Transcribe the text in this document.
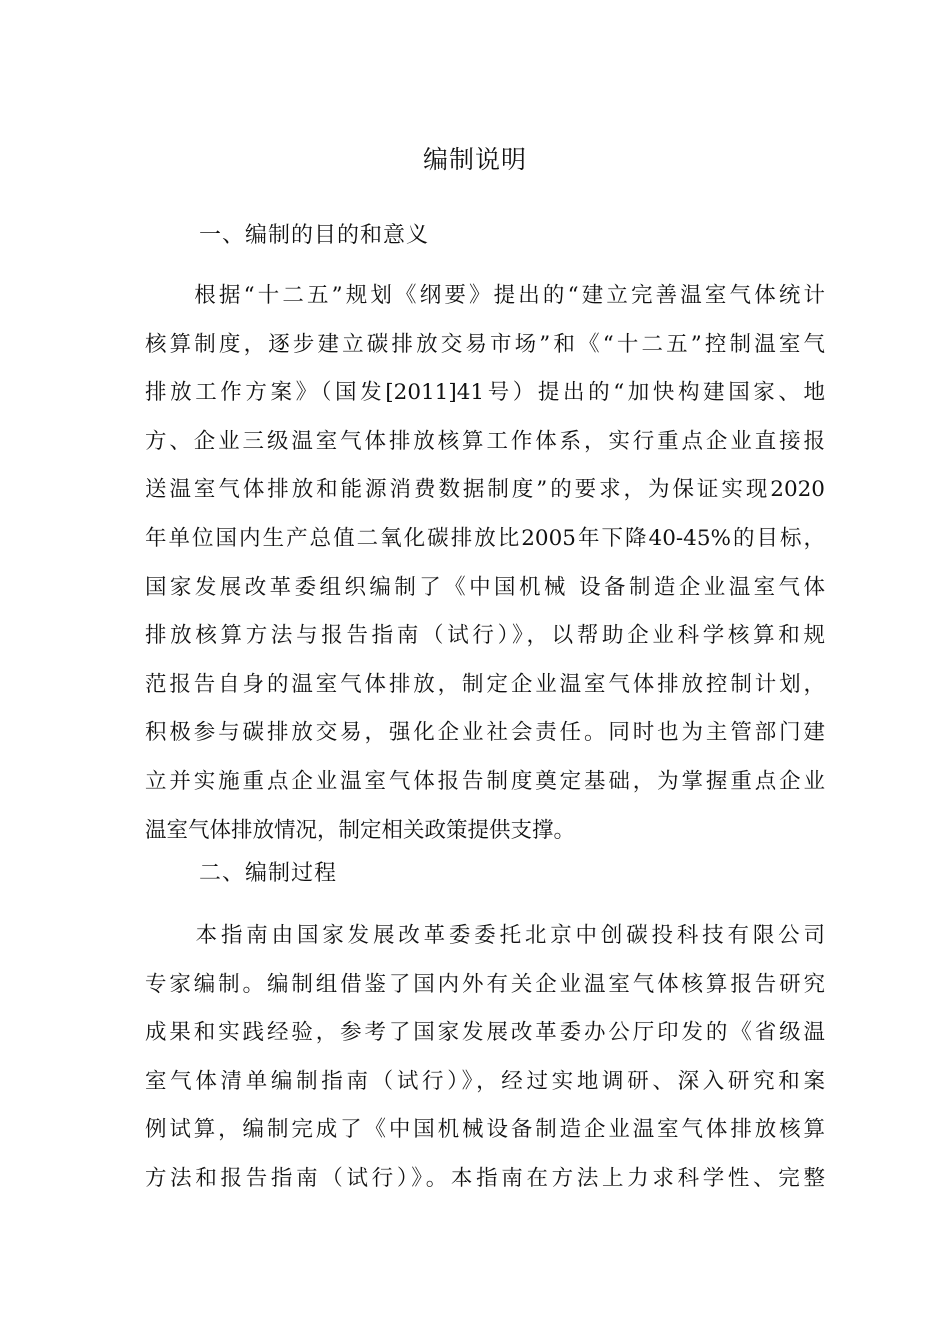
编制说明
一、编制的目的和意义
　　根据“十二五”规划《纲要》提出的“建立完善温室气体统计
核算制度，逐步建立碳排放交易市场”和《“十二五”控制温室气
排放工作方案》（国发[2011]41号）提出的“加快构建国家、地
方、企业三级温室气体排放核算工作体系，实行重点企业直接报
送温室气体排放和能源消费数据制度”的要求，为保证实现2020
年单位国内生产总值二氧化碳排放比2005年下降40-45%的目标，
国家发展改革委组织编制了《中国机械 设备制造企业温室气体
排放核算方法与报告指南（试行）》，以帮助企业科学核算和规
范报告自身的温室气体排放，制定企业温室气体排放控制计划，
积极参与碳排放交易，强化企业社会责任。同时也为主管部门建
立并实施重点企业温室气体报告制度奠定基础，为掌握重点企业
温室气体排放情况，制定相关政策提供支撑。
二、编制过程
　　本指南由国家发展改革委委托北京中创碳投科技有限公司
专家编制。编制组借鉴了国内外有关企业温室气体核算报告研究
成果和实践经验，参考了国家发展改革委办公厅印发的《省级温
室气体清单编制指南（试行）》，经过实地调研、深入研究和案
例试算，编制完成了《中国机械设备制造企业温室气体排放核算
方法和报告指南（试行）》。本指南在方法上力求科学性、完整
